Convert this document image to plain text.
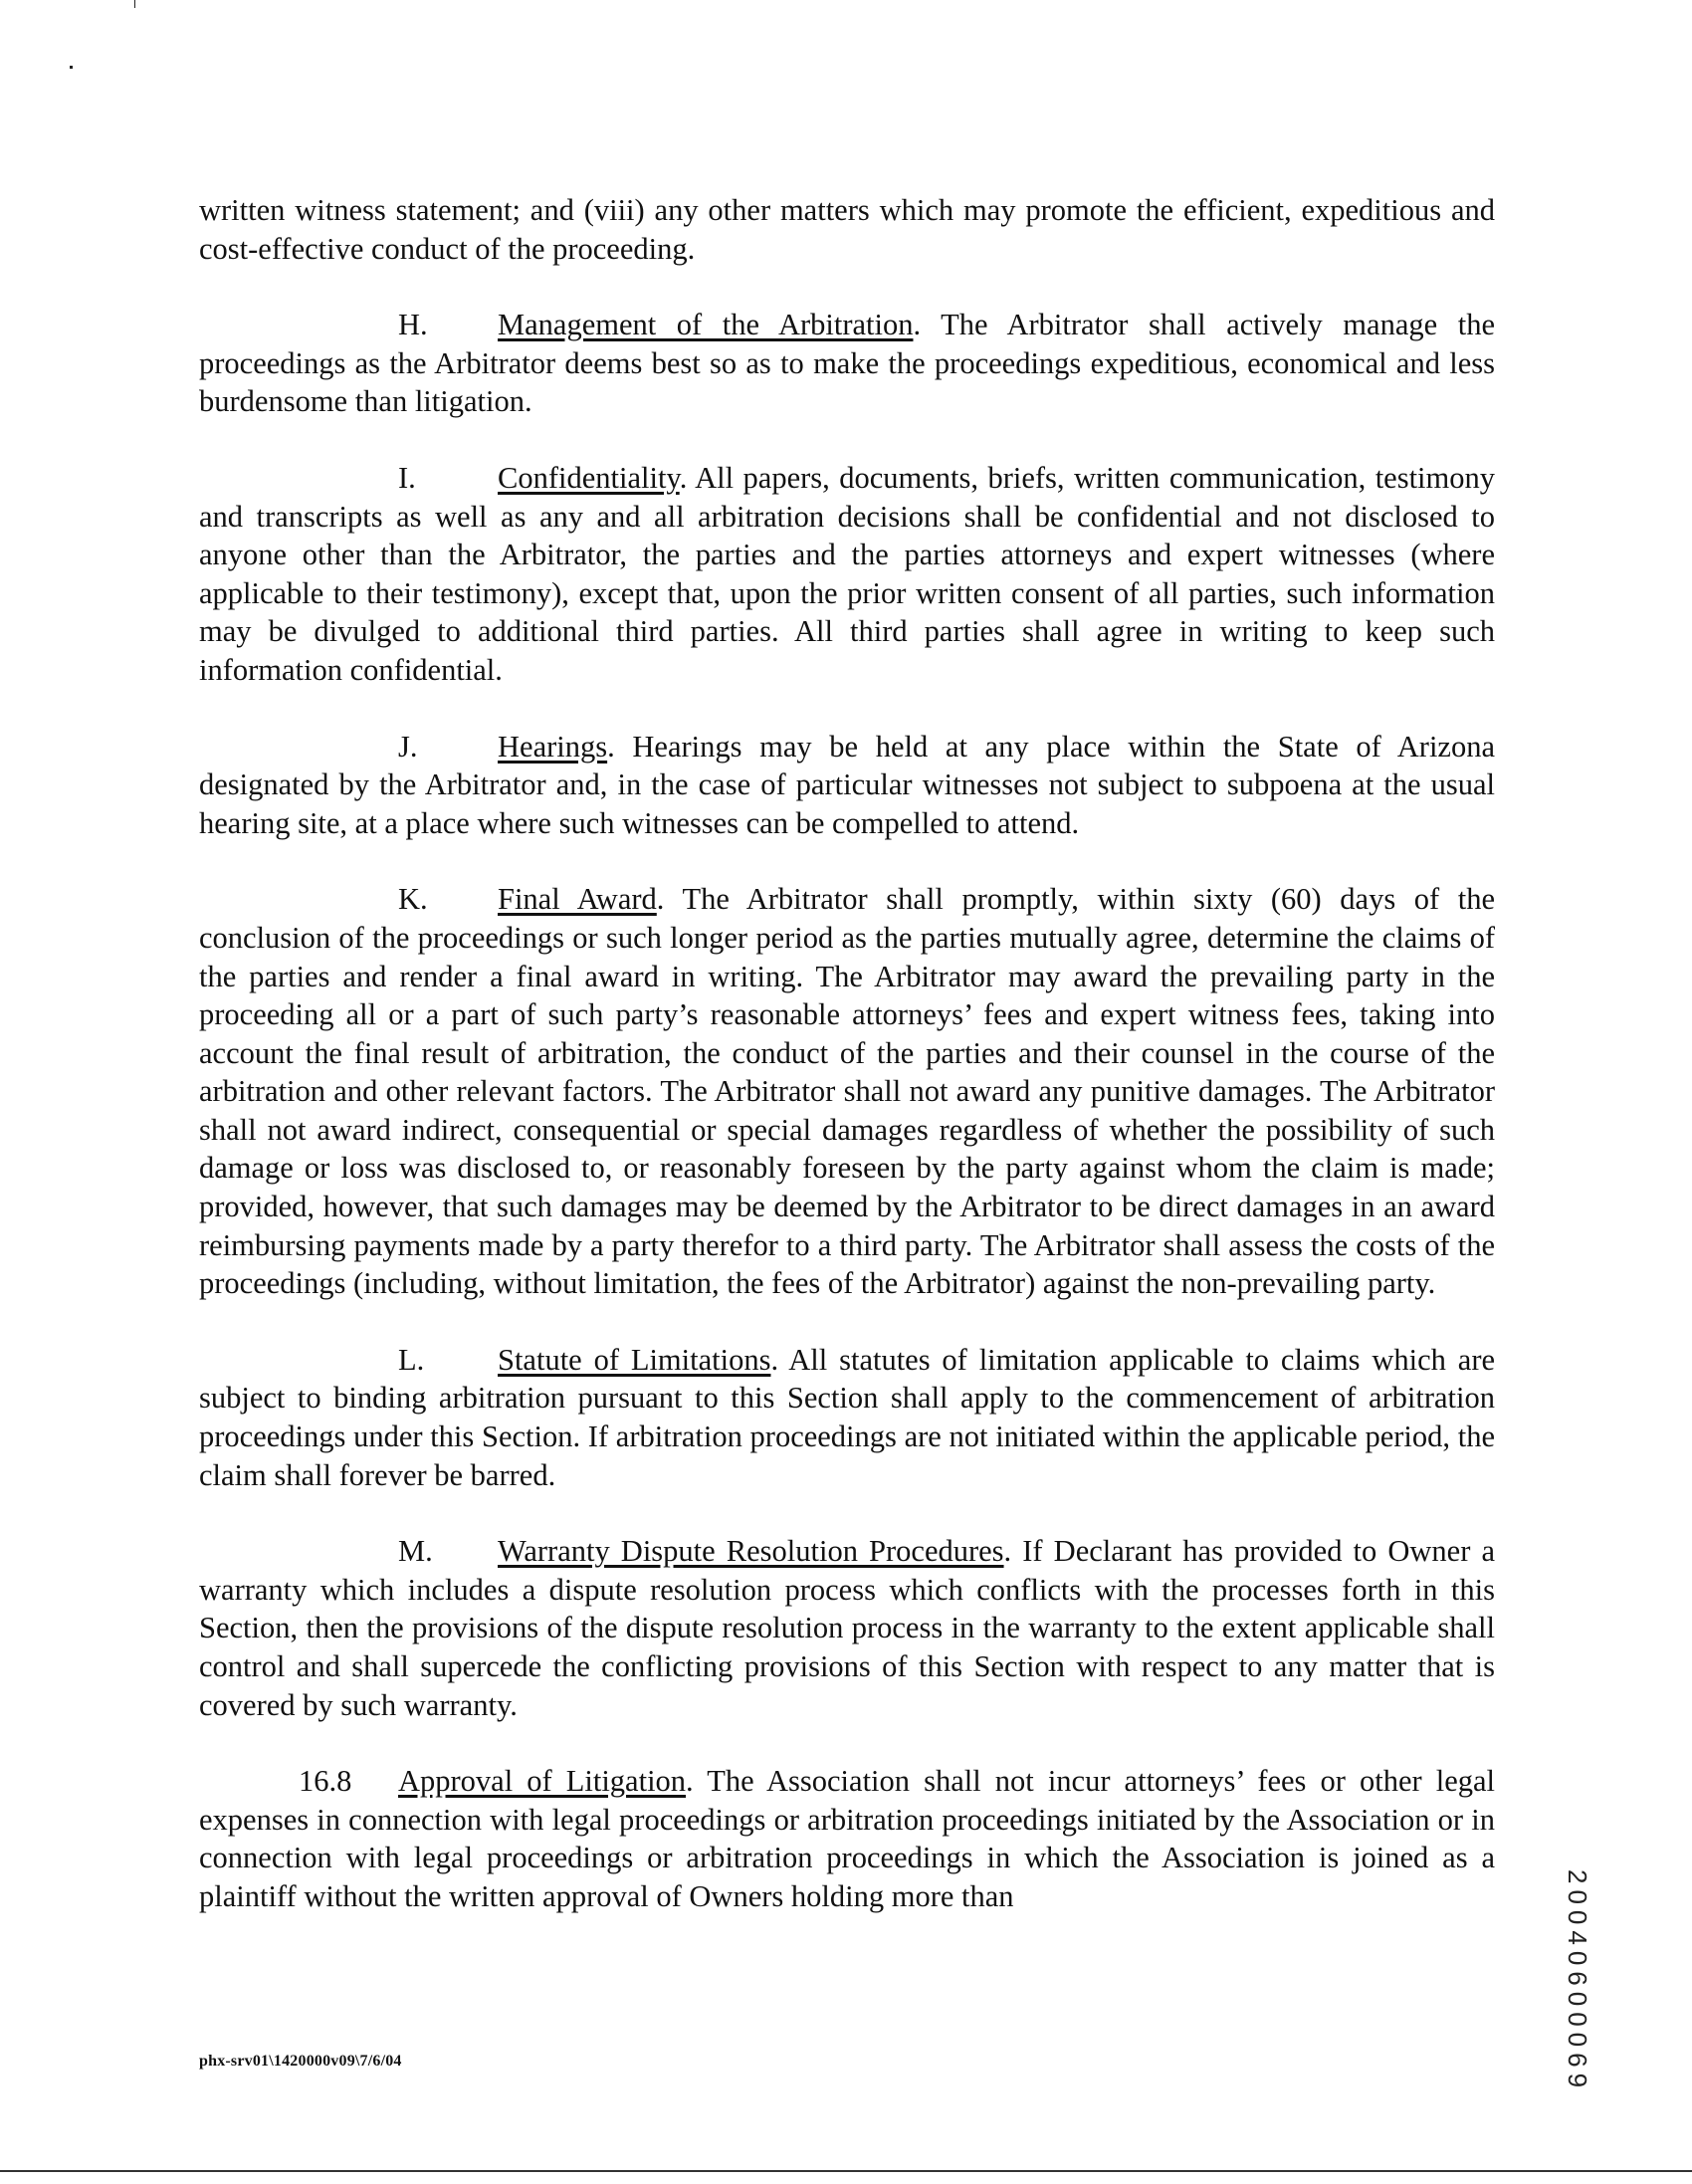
written witness statement; and (viii) any other matters which may promote the efficient, expeditious and cost-effective conduct of the proceeding.

H. Management of the Arbitration. The Arbitrator shall actively manage the proceedings as the Arbitrator deems best so as to make the proceedings expeditious, economical and less burdensome than litigation.

I.	Confidentiality. All papers, documents, briefs, written communication, testimony and transcripts as well as any and all arbitration decisions shall be confidential and not disclosed to anyone other than the Arbitrator, the parties and the parties attorneys and expert witnesses (where applicable to their testimony), except that, upon the prior written consent of all parties, such information may be divulged to additional third parties. All third parties shall agree in writing to keep such information confidential.

J.	Hearings. Hearings may be held at any place within the State of Arizona designated by the Arbitrator and, in the case of particular witnesses not subject to subpoena at the usual hearing site, at a place where such witnesses can be compelled to attend.

K. Final Award. The Arbitrator shall promptly, within sixty (60) days of the conclusion of the proceedings or such longer period as the parties mutually agree, determine the claims of the parties and render a final award in writing. The Arbitrator may award the prevailing party in the proceeding all or a part of such party’s reasonable attorneys’ fees and expert witness fees, taking into account the final result of arbitration, the conduct of the parties and their counsel in the course of the arbitration and other relevant factors. The Arbitrator shall not award any punitive damages. The Arbitrator shall not award indirect, consequential or special damages regardless of whether the possibility of such damage or loss was disclosed to, or reasonably foreseen by the party against whom the claim is made; provided, however, that such damages may be deemed by the Arbitrator to be direct damages in an award reimbursing payments made by a party therefor to a third party. The Arbitrator shall assess the costs of the proceedings (including, without limitation, the fees of the Arbitrator) against the non-prevailing party.

L. Statute of Limitations. All statutes of limitation applicable to claims which are subject to binding arbitration pursuant to this Section shall apply to the commencement of arbitration proceedings under this Section. If arbitration proceedings are not initiated within the applicable period, the claim shall forever be barred.

M. Warranty Dispute Resolution Procedures. If Declarant has provided to Owner a warranty which includes a dispute resolution process which conflicts with the processes forth in this Section, then the provisions of the dispute resolution process in the warranty to the extent applicable shall control and shall supercede the conflicting provisions of this Section with respect to any matter that is covered by such warranty.

16.8 Approval of Litigation. The Association shall not incur attorneys’ fees or other legal expenses in connection with legal proceedings or arbitration proceedings initiated by the Association or in connection with legal proceedings or arbitration proceedings in which the Association is joined as a plaintiff without the written approval of Owners holding more than

phx-srv01\1420000v09\7/6/04	20040600069
